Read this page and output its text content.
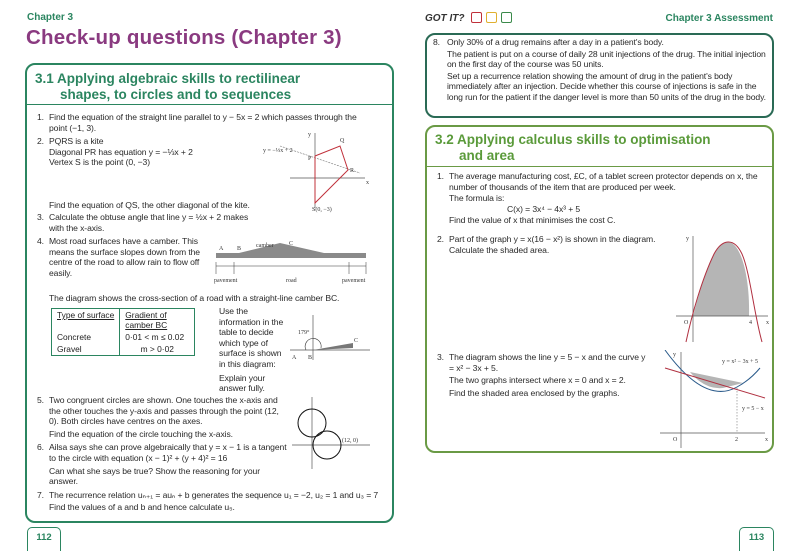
Chapter 3
Check-up questions (Chapter 3)
3.1 Applying algebraic skills to rectilinear
shapes, to circles and to sequences
1. Find the equation of the straight line parallel to y − 5x = 2 which passes through the point (−1, 3).
2. PQRS is a kite
Diagonal PR has equation y = −⅓x + 2
Vertex S is the point (0, −3)
y = −⅓x + 2
y
x
P
Q
R
S(0, −3)
Find the equation of QS, the other diagonal of the kite.
3. Calculate the obtuse angle that line y = ½x + 2 makes with the x-axis.
4. Most road surfaces have a camber. This means the surface slopes down from the centre of the road to allow rain to flow off easily.
A B camber	C
pavement	road	pavement
The diagram shows the cross-section of a road with a straight-line camber BC.
Type of surface	Gradient of camber BC
Concrete	0·01 < m ≤ 0.02
Gravel	m > 0·02
Use the information in the table to decide which type of surface is shown in this diagram:
Explain your answer fully.
179°
C
A B
5. Two congruent circles are shown. One touches the x-axis and the other touches the y-axis and passes through the point (12, 0). Both circles have centres on the axes.
Find the equation of the circle touching the x-axis.
6. Ailsa says she can prove algebraically that y = x − 1 is a tangent to the circle with equation (x − 1)² + (y + 4)² = 16
Can what she says be true? Show the reasoning for your answer.
7. The recurrence relation uₙ₊₁ = auₙ + b generates the sequence u₁ = −2, u₂ = 1 and u₃ = 7
Find the values of a and b and hence calculate u₅.
(12, 0)
112
GOT IT?	Chapter 3 Assessment
8. Only 30% of a drug remains after a day in a patient's body.
The patient is put on a course of daily 28 unit injections of the drug. The initial injection on the first day of the course was 50 units.
Set up a recurrence relation showing the amount of drug in the patient's body immediately after an injection. Decide whether this course of injections is safe in the long run for the patient if the danger level is more than 50 units of the drug in the body.
3.2 Applying calculus skills to optimisation
and area
1. The average manufacturing cost, £C, of a tablet screen protector depends on x, the number of thousands of the item that are produced per week.
The formula is:
C(x) = 3x⁴ − 4x³ + 5
Find the value of x that minimises the cost C.
2. Part of the graph y = x(16 − x²) is shown in the diagram. Calculate the shaded area.
O	4 x
y
3. The diagram shows the line y = 5 − x and the curve y = x² − 3x + 5.
The two graphs intersect where x = 0 and x = 2.
Find the shaded area enclosed by the graphs.
y = x² − 3x + 5
y = 5 − x
O	2	x
y
113
